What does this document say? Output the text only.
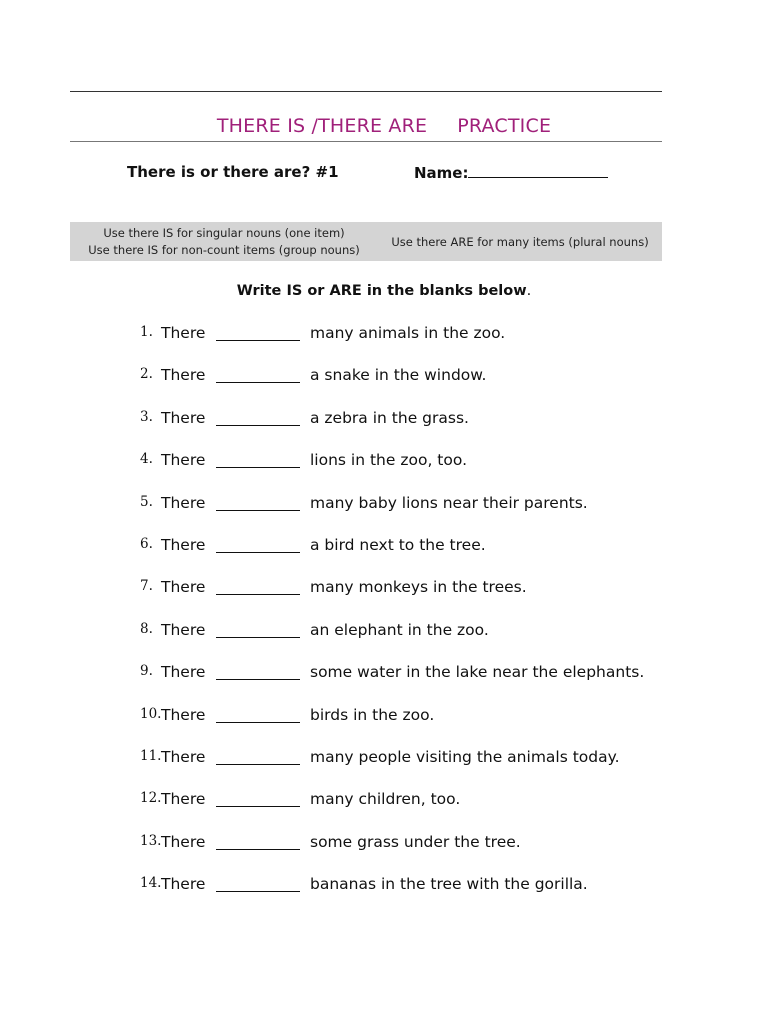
THERE IS /THERE ARE PRACTICE
There is or there are? #1	Name:
Use there IS for singular nouns (one item)
Use there IS for non-count items (group nouns)
Use there ARE for many items (plural nouns)
Write IS or ARE in the blanks below.
1. There	many animals in the zoo.
2. There	a snake in the window.
3. There	a zebra in the grass.
4. There	lions in the zoo, too.
5. There	many baby lions near their parents.
6. There	a bird next to the tree.
7. There	many monkeys in the trees.
8. There	an elephant in the zoo.
9. There	some water in the lake near the elephants.
10. There	birds in the zoo.
11. There	many people visiting the animals today.
12. There	many children, too.
13. There	some grass under the tree.
14. There	bananas in the tree with the gorilla.
